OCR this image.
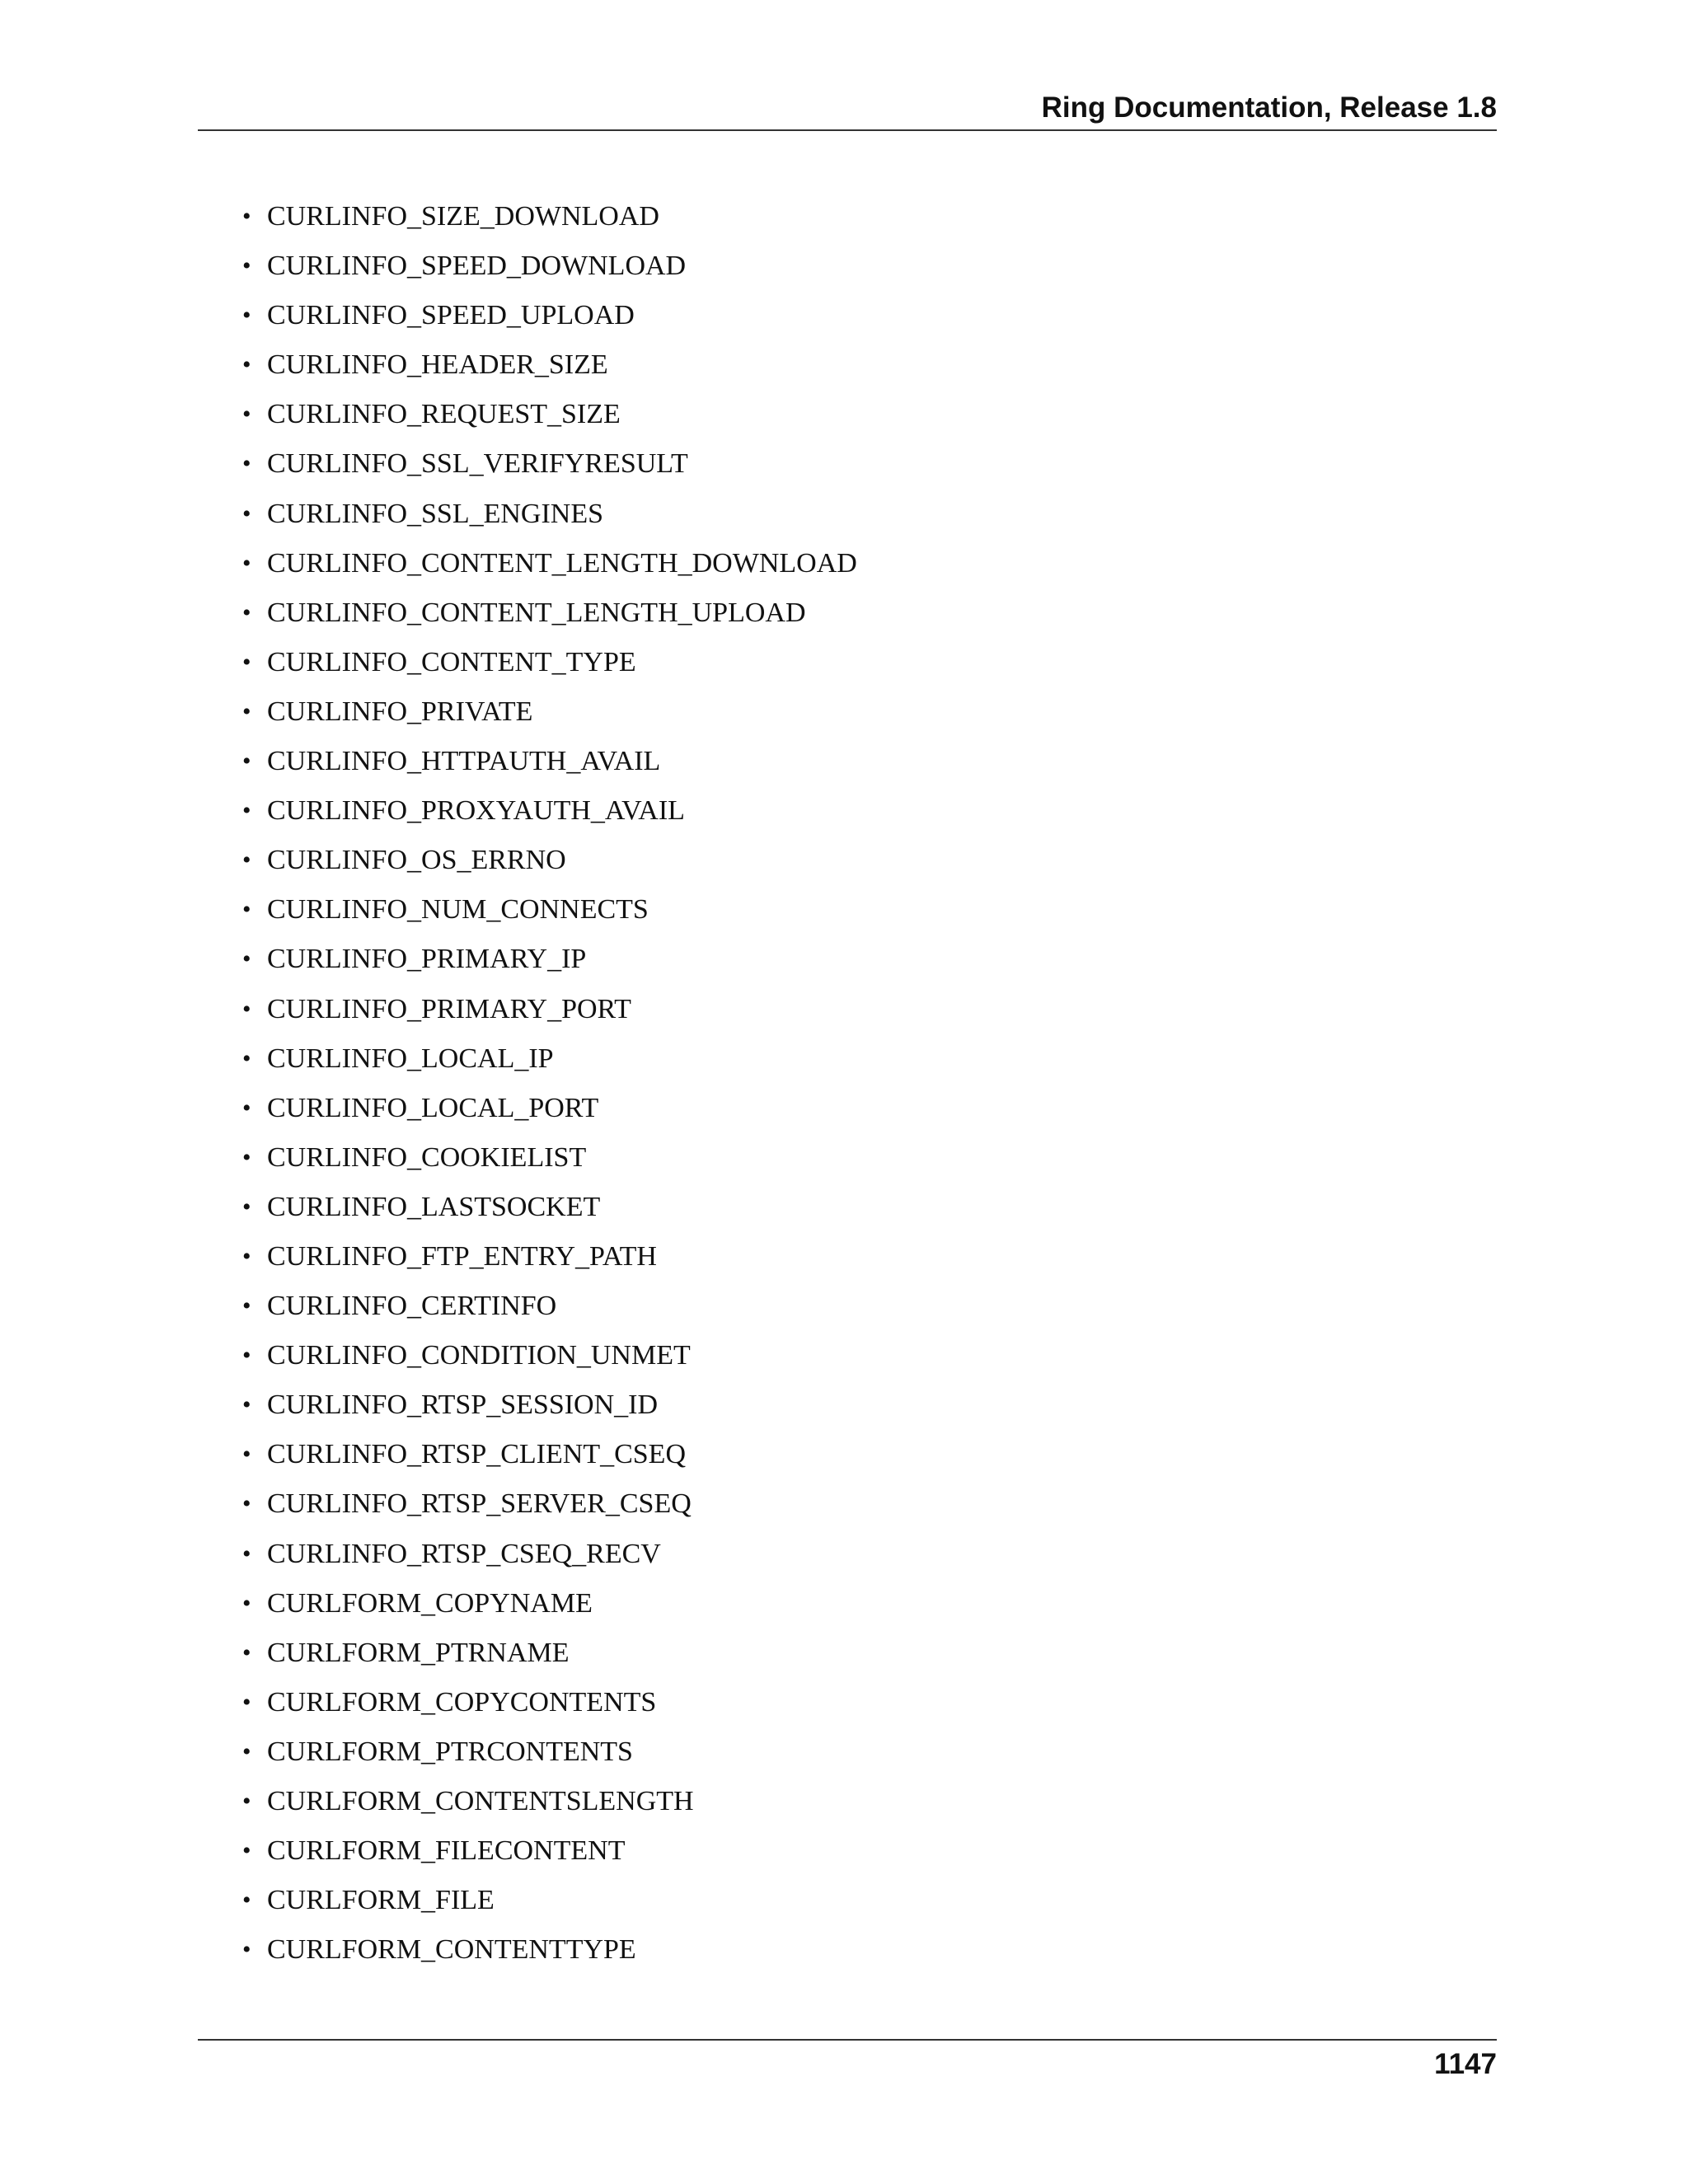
Ring Documentation, Release 1.8
• CURLINFO_SIZE_DOWNLOAD
• CURLINFO_SPEED_DOWNLOAD
• CURLINFO_SPEED_UPLOAD
• CURLINFO_HEADER_SIZE
• CURLINFO_REQUEST_SIZE
• CURLINFO_SSL_VERIFYRESULT
• CURLINFO_SSL_ENGINES
• CURLINFO_CONTENT_LENGTH_DOWNLOAD
• CURLINFO_CONTENT_LENGTH_UPLOAD
• CURLINFO_CONTENT_TYPE
• CURLINFO_PRIVATE
• CURLINFO_HTTPAUTH_AVAIL
• CURLINFO_PROXYAUTH_AVAIL
• CURLINFO_OS_ERRNO
• CURLINFO_NUM_CONNECTS
• CURLINFO_PRIMARY_IP
• CURLINFO_PRIMARY_PORT
• CURLINFO_LOCAL_IP
• CURLINFO_LOCAL_PORT
• CURLINFO_COOKIELIST
• CURLINFO_LASTSOCKET
• CURLINFO_FTP_ENTRY_PATH
• CURLINFO_CERTINFO
• CURLINFO_CONDITION_UNMET
• CURLINFO_RTSP_SESSION_ID
• CURLINFO_RTSP_CLIENT_CSEQ
• CURLINFO_RTSP_SERVER_CSEQ
• CURLINFO_RTSP_CSEQ_RECV
• CURLFORM_COPYNAME
• CURLFORM_PTRNAME
• CURLFORM_COPYCONTENTS
• CURLFORM_PTRCONTENTS
• CURLFORM_CONTENTSLENGTH
• CURLFORM_FILECONTENT
• CURLFORM_FILE
• CURLFORM_CONTENTTYPE
1147
